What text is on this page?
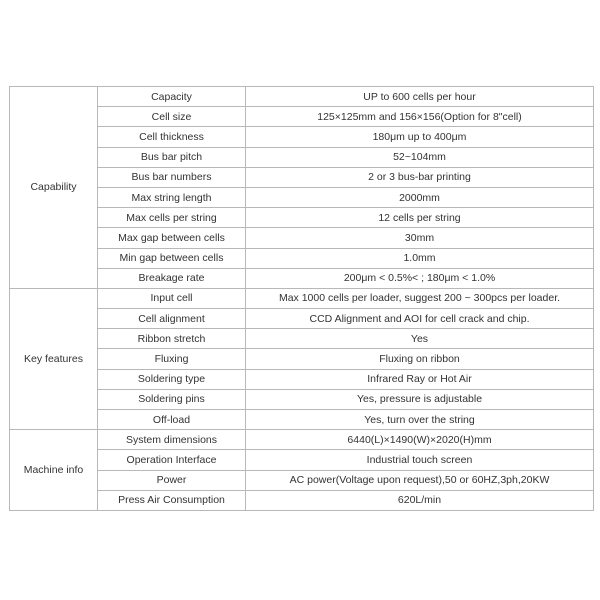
Capability	Capacity	UP to 600 cells per hour
	Cell size	125×125mm and 156×156(Option for 8"cell)
	Cell thickness	180μm up to 400μm
	Bus bar pitch	52~104mm
	Bus bar numbers	2 or 3 bus-bar printing
	Max string length	2000mm
	Max cells per string	12 cells per string
	Max gap between cells	30mm
	Min gap between cells	1.0mm
	Breakage rate	200μm < 0.5%< ; 180μm < 1.0%
Key features	Input cell	Max 1000 cells per loader, suggest 200 ~ 300pcs per loader.
	Cell alignment	CCD Alignment and AOI for cell crack and chip.
	Ribbon stretch	Yes
	Fluxing	Fluxing on ribbon
	Soldering type	Infrared Ray or Hot Air
	Soldering pins	Yes, pressure is adjustable
	Off-load	Yes, turn over the string
Machine info	System dimensions	6440(L)×1490(W)×2020(H)mm
	Operation Interface	Industrial touch screen
	Power	AC power(Voltage upon request),50 or 60HZ,3ph,20KW
	Press Air Consumption	620L/min
